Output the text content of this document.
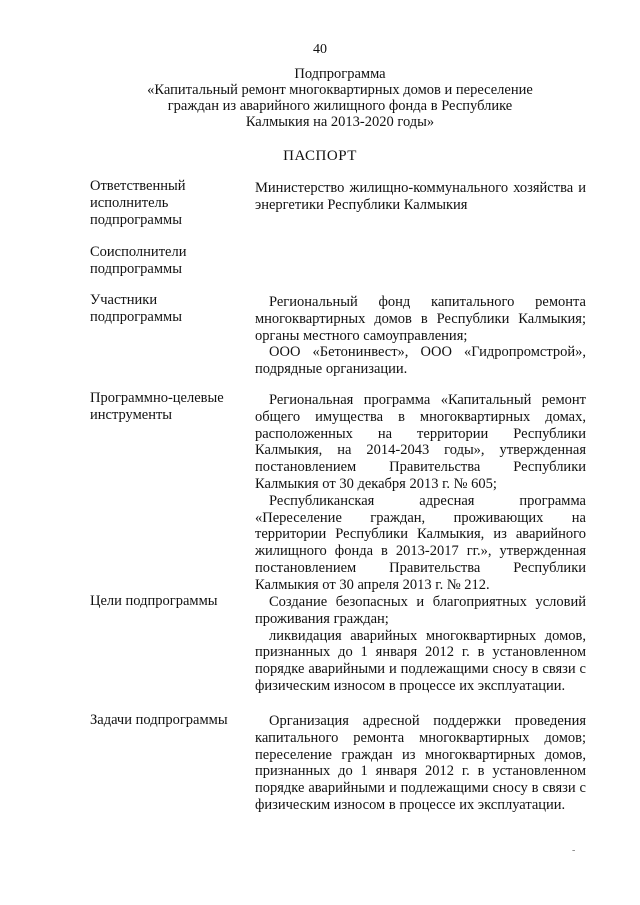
40
Подпрограмма
«Капитальный ремонт многоквартирных домов и переселение
граждан из аварийного жилищного фонда в Республике
Калмыкия на 2013-2020 годы»
ПАСПОРТ
Ответственный
исполнитель
подпрограммы
Министерство жилищно-коммунального хозяйства и энергетики Республики Калмыкия
Соисполнители
подпрограммы
Участники
подпрограммы
Региональный фонд капитального ремонта многоквартирных домов в Республики Калмыкия; органы местного самоуправления;
ООО «Бетонинвест», ООО «Гидропромстрой», подрядные организации.
Программно-целевые
инструменты
Региональная программа «Капитальный ремонт общего имущества в многоквартирных домах, расположенных на территории Республики Калмыкия, на 2014-2043 годы», утвержденная постановлением Правительства Республики Калмыкия от 30 декабря 2013 г. № 605;
Республиканская адресная программа «Переселение граждан, проживающих на территории Республики Калмыкия, из аварийного жилищного фонда в 2013-2017 гг.», утвержденная постановлением Правительства Республики Калмыкия от 30 апреля 2013 г. № 212.
Цели подпрограммы	Создание безопасных и благоприятных условий проживания граждан;
ликвидация аварийных многоквартирных домов, признанных до 1 января 2012 г. в установленном порядке аварийными и подлежащими сносу в связи с физическим износом в процессе их эксплуатации.
Задачи подпрограммы	Организация адресной поддержки проведения капитального ремонта многоквартирных домов; переселение граждан из многоквартирных домов, признанных до 1 января 2012 г. в установленном порядке аварийными и подлежащими сносу в связи с физическим износом в процессе их эксплуатации.
-
